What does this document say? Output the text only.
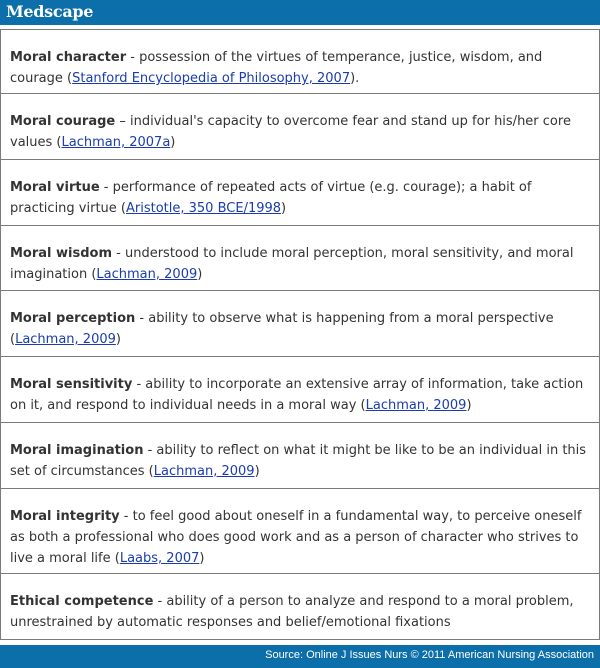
Medscape
Moral character - possession of the virtues of temperance, justice, wisdom, and courage (Stanford Encyclopedia of Philosophy, 2007).
Moral courage – individual's capacity to overcome fear and stand up for his/her core values (Lachman, 2007a)
Moral virtue - performance of repeated acts of virtue (e.g. courage); a habit of practicing virtue (Aristotle, 350 BCE/1998)
Moral wisdom - understood to include moral perception, moral sensitivity, and moral imagination (Lachman, 2009)
Moral perception - ability to observe what is happening from a moral perspective (Lachman, 2009)
Moral sensitivity - ability to incorporate an extensive array of information, take action on it, and respond to individual needs in a moral way (Lachman, 2009)
Moral imagination - ability to reflect on what it might be like to be an individual in this set of circumstances (Lachman, 2009)
Moral integrity - to feel good about oneself in a fundamental way, to perceive oneself as both a professional who does good work and as a person of character who strives to live a moral life (Laabs, 2007)
Ethical competence - ability of a person to analyze and respond to a moral problem, unrestrained by automatic responses and belief/emotional fixations
Source: Online J Issues Nurs © 2011 American Nursing Association
